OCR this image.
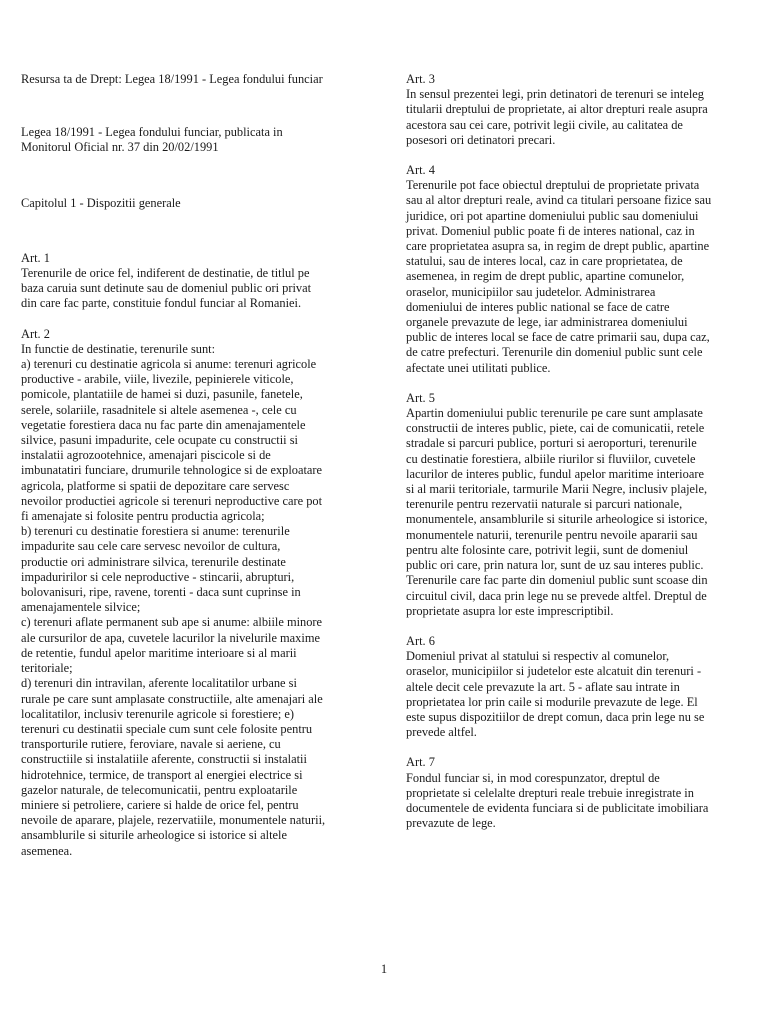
Resursa ta de Drept: Legea 18/1991 - Legea fondului funciar

Legea 18/1991 - Legea fondului funciar, publicata in
Monitorul Oficial nr. 37 din 20/02/1991

Capitolul 1 - Dispozitii generale

Art. 1

Terenurile de orice fel, indiferent de destinatie, de titlul pe
baza caruia sunt detinute sau de domeniul public ori privat
din care fac parte, constituie fondul funciar al Romaniei.

Art. 2

In functie de destinatie, terenurile sunt:
a) terenuri cu destinatie agricola si anume: terenuri agricole
productive - arabile, viile, livezile, pepinierele viticole,
pomicole, plantatiile de hamei si duzi, pasunile, fanetele,
serele, solariile, rasadnitele si altele asemenea -, cele cu
vegetatie forestiera daca nu fac parte din amenajamentele
silvice, pasuni impadurite, cele ocupate cu constructii si
instalatii agrozootehnice, amenajari piscicole si de
imbunatatiri funciare, drumurile tehnologice si de exploatare
agricola, platforme si spatii de depozitare care servesc
nevoilor productiei agricole si terenuri neproductive care pot
fi amenajate si folosite pentru productia agricola;
b) terenuri cu destinatie forestiera si anume: terenurile
impadurite sau cele care servesc nevoilor de cultura,
productie ori administrare silvica, terenurile destinate
impaduririlor si cele neproductive - stincarii, abrupturi,
bolovanisuri, ripe, ravene, torenti - daca sunt cuprinse in
amenajamentele silvice;
c) terenuri aflate permanent sub ape si anume: albiile minore
ale cursurilor de apa, cuvetele lacurilor la nivelurile maxime
de retentie, fundul apelor maritime interioare si al marii
teritoriale;
d) terenuri din intravilan, aferente localitatilor urbane si
rurale pe care sunt amplasate constructiile, alte amenajari ale
localitatilor, inclusiv terenurile agricole si forestiere; e)
terenuri cu destinatii speciale cum sunt cele folosite pentru
transporturile rutiere, feroviare, navale si aeriene, cu
constructiile si instalatiile aferente, constructii si instalatii
hidrotehnice, termice, de transport al energiei electrice si
gazelor naturale, de telecomunicatii, pentru exploatarile
miniere si petroliere, cariere si halde de orice fel, pentru
nevoile de aparare, plajele, rezervatiile, monumentele naturii,
ansamblurile si siturile arheologice si istorice si altele
asemenea.

Art. 3

In sensul prezentei legi, prin detinatori de terenuri se inteleg
titularii dreptului de proprietate, ai altor drepturi reale asupra
acestora sau cei care, potrivit legii civile, au calitatea de
posesori ori detinatori precari.

Art. 4

Terenurile pot face obiectul dreptului de proprietate privata
sau al altor drepturi reale, avind ca titulari persoane fizice sau
juridice, ori pot apartine domeniului public sau domeniului
privat. Domeniul public poate fi de interes national, caz in
care proprietatea asupra sa, in regim de drept public, apartine
statului, sau de interes local, caz in care proprietatea, de
asemenea, in regim de drept public, apartine comunelor,
oraselor, municipiilor sau judetelor. Administrarea
domeniului de interes public national se face de catre
organele prevazute de lege, iar administrarea domeniului
public de interes local se face de catre primarii sau, dupa caz,
de catre prefecturi. Terenurile din domeniul public sunt cele
afectate unei utilitati publice.

Art. 5

Apartin domeniului public terenurile pe care sunt amplasate
constructii de interes public, piete, cai de comunicatii, retele
stradale si parcuri publice, porturi si aeroporturi, terenurile
cu destinatie forestiera, albiile riurilor si fluviilor, cuvetele
lacurilor de interes public, fundul apelor maritime interioare
si al marii teritoriale, tarmurile Marii Negre, inclusiv plajele,
terenurile pentru rezervatii naturale si parcuri nationale,
monumentele, ansamblurile si siturile arheologice si istorice,
monumentele naturii, terenurile pentru nevoile apararii sau
pentru alte folosinte care, potrivit legii, sunt de domeniul
public ori care, prin natura lor, sunt de uz sau interes public.
Terenurile care fac parte din domeniul public sunt scoase din
circuitul civil, daca prin lege nu se prevede altfel. Dreptul de
proprietate asupra lor este imprescriptibil.

Art. 6

Domeniul privat al statului si respectiv al comunelor,
oraselor, municipiilor si judetelor este alcatuit din terenuri -
altele decit cele prevazute la art. 5 - aflate sau intrate in
proprietatea lor prin caile si modurile prevazute de lege. El
este supus dispozitiilor de drept comun, daca prin lege nu se
prevede altfel.

Art. 7

Fondul funciar si, in mod corespunzator, dreptul de
proprietate si celelalte drepturi reale trebuie inregistrate in
documentele de evidenta funciara si de publicitate imobiliara
prevazute de lege.

1
